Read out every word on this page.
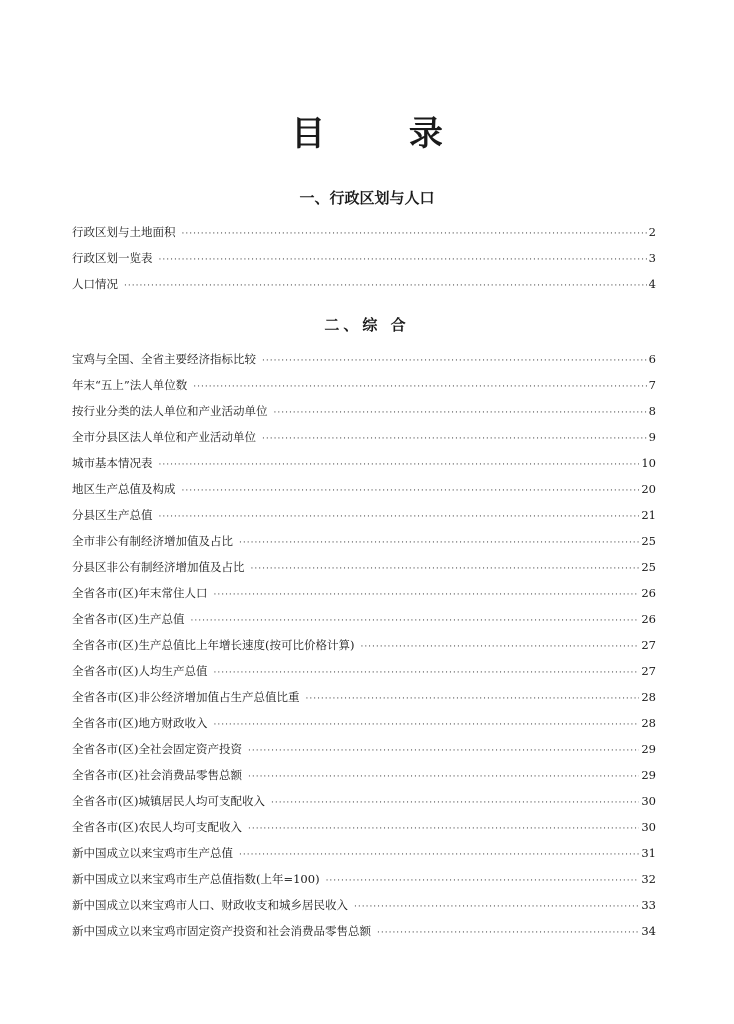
目 录
一、行政区划与人口
行政区划与土地面积 ·····	2
行政区划一览表 ·····	3
人口情况 ·····	4
二、综 合
宝鸡与全国、全省主要经济指标比较 ·····	6
年末“五上”法人单位数 ·····	7
按行业分类的法人单位和产业活动单位 ·····	8
全市分县区法人单位和产业活动单位 ·····	9
城市基本情况表 ·····	10
地区生产总值及构成 ·····	20
分县区生产总值 ·····	21
全市非公有制经济增加值及占比 ·····	25
分县区非公有制经济增加值及占比 ·····	25
全省各市(区)年末常住人口 ·····	26
全省各市(区)生产总值 ·····	26
全省各市(区)生产总值比上年增长速度(按可比价格计算) ·····	27
全省各市(区)人均生产总值 ·····	27
全省各市(区)非公经济增加值占生产总值比重 ·····	28
全省各市(区)地方财政收入 ·····	28
全省各市(区)全社会固定资产投资 ·····	29
全省各市(区)社会消费品零售总额 ·····	29
全省各市(区)城镇居民人均可支配收入 ·····	30
全省各市(区)农民人均可支配收入 ·····	30
新中国成立以来宝鸡市生产总值 ·····	31
新中国成立以来宝鸡市生产总值指数(上年=100) ·····	32
新中国成立以来宝鸡市人口、财政收支和城乡居民收入 ·····	33
新中国成立以来宝鸡市固定资产投资和社会消费品零售总额 ·····	34
